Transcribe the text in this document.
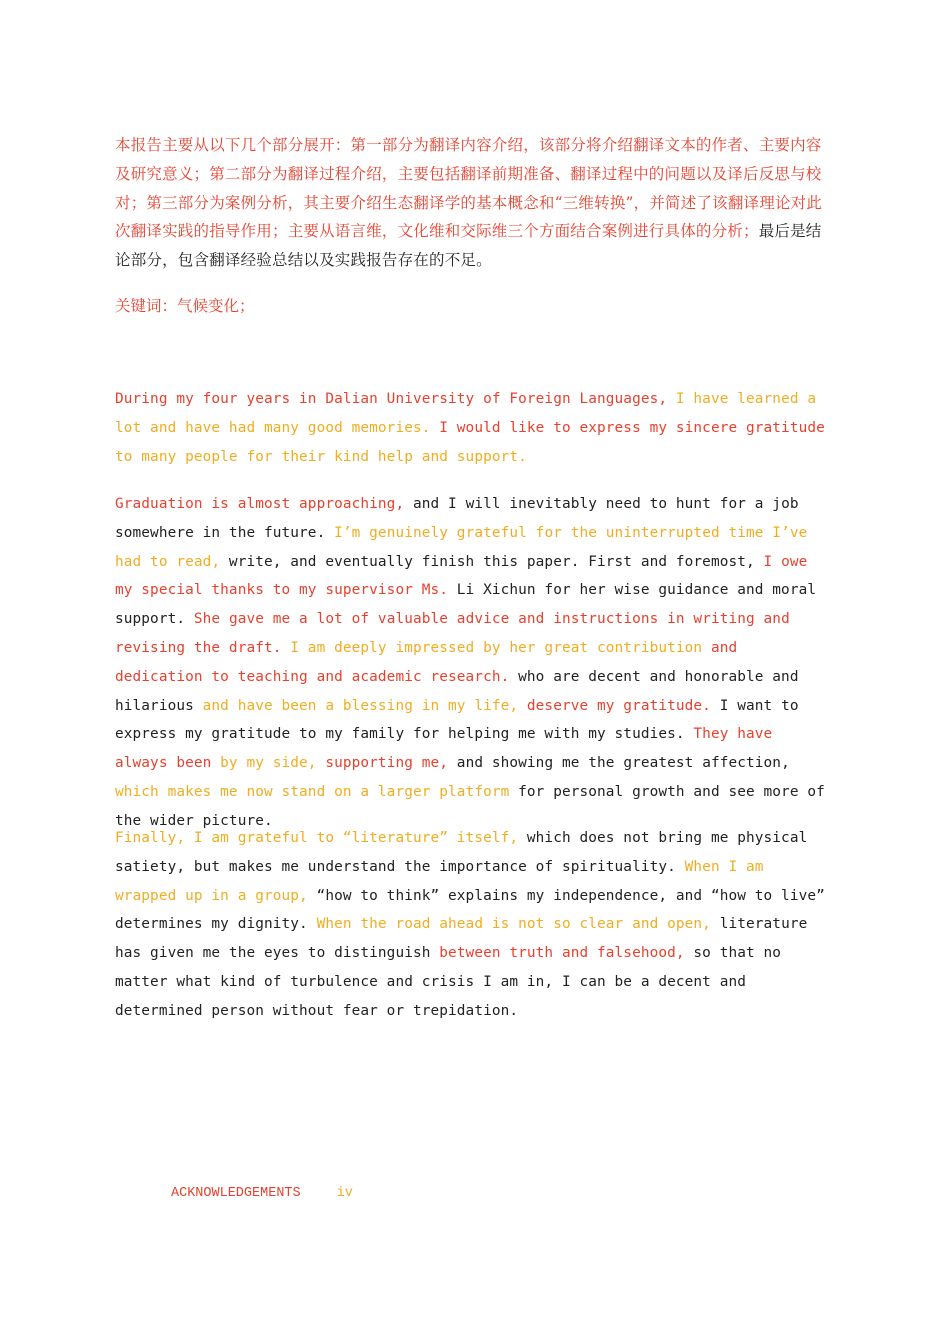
本报告主要从以下几个部分展开：第一部分为翻译内容介绍，该部分将介绍翻译文本的作者、主要内容及研究意义；第二部分为翻译过程介绍，主要包括翻译前期准备、翻译过程中的问题以及译后反思与校对；第三部分为案例分析，其主要介绍生态翻译学的基本概念和“三维转换”，并简述了该翻译理论对此次翻译实践的指导作用；主要从语言维，文化维和交际维三个方面结合案例进行具体的分析；最后是结论部分，包含翻译经验总结以及实践报告存在的不足。
关键词：气候变化；
During my four years in Dalian University of Foreign Languages, I have learned a lot and have had many good memories. I would like to express my sincere gratitude to many people for their kind help and support.
Graduation is almost approaching, and I will inevitably need to hunt for a job somewhere in the future. I’m genuinely grateful for the uninterrupted time I’ve had to read, write, and eventually finish this paper. First and foremost, I owe my special thanks to my supervisor Ms. Li Xichun for her wise guidance and moral support. She gave me a lot of valuable advice and instructions in writing and revising the draft. I am deeply impressed by her great contribution and dedication to teaching and academic research. who are decent and honorable and hilarious and have been a blessing in my life, deserve my gratitude. I want to express my gratitude to my family for helping me with my studies. They have always been by my side, supporting me, and showing me the greatest affection, which makes me now stand on a larger platform for personal growth and see more of the wider picture.
Finally, I am grateful to “literature” itself, which does not bring me physical satiety, but makes me understand the importance of spirituality. When I am wrapped up in a group, “how to think” explains my independence, and “how to live” determines my dignity. When the road ahead is not so clear and open, literature has given me the eyes to distinguish between truth and falsehood, so that no matter what kind of turbulence and crisis I am in, I can be a decent and determined person without fear or trepidation.
ACKNOWLEDGEMENTS	iv
